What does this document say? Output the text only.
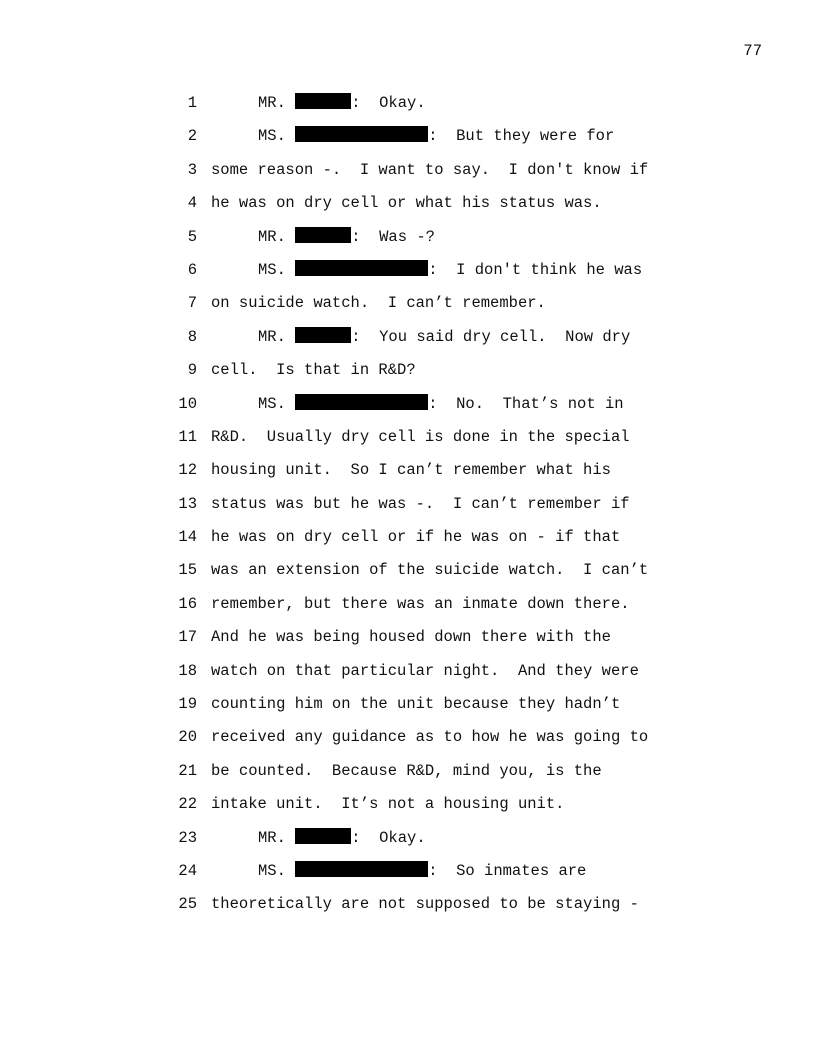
77
1	MR.	:  Okay.
2	MS.	:  But they were for
3 some reason -.  I want to say.  I don't know if
4 he was on dry cell or what his status was.
5	MR.	:  Was -?
6	MS.	:  I don't think he was
7 on suicide watch.  I can’t remember.
8	MR.	:  You said dry cell.  Now dry
9 cell.  Is that in R&D?
10	MS.	:  No.  That’s not in
11 R&D.  Usually dry cell is done in the special
12 housing unit.  So I can’t remember what his
13 status was but he was -.  I can’t remember if
14 he was on dry cell or if he was on - if that
15 was an extension of the suicide watch.  I can’t
16 remember, but there was an inmate down there.
17 And he was being housed down there with the
18 watch on that particular night.  And they were
19 counting him on the unit because they hadn’t
20 received any guidance as to how he was going to
21 be counted.  Because R&D, mind you, is the
22 intake unit.  It’s not a housing unit.
23	MR.	:  Okay.
24	MS.	:  So inmates are
25 theoretically are not supposed to be staying -
